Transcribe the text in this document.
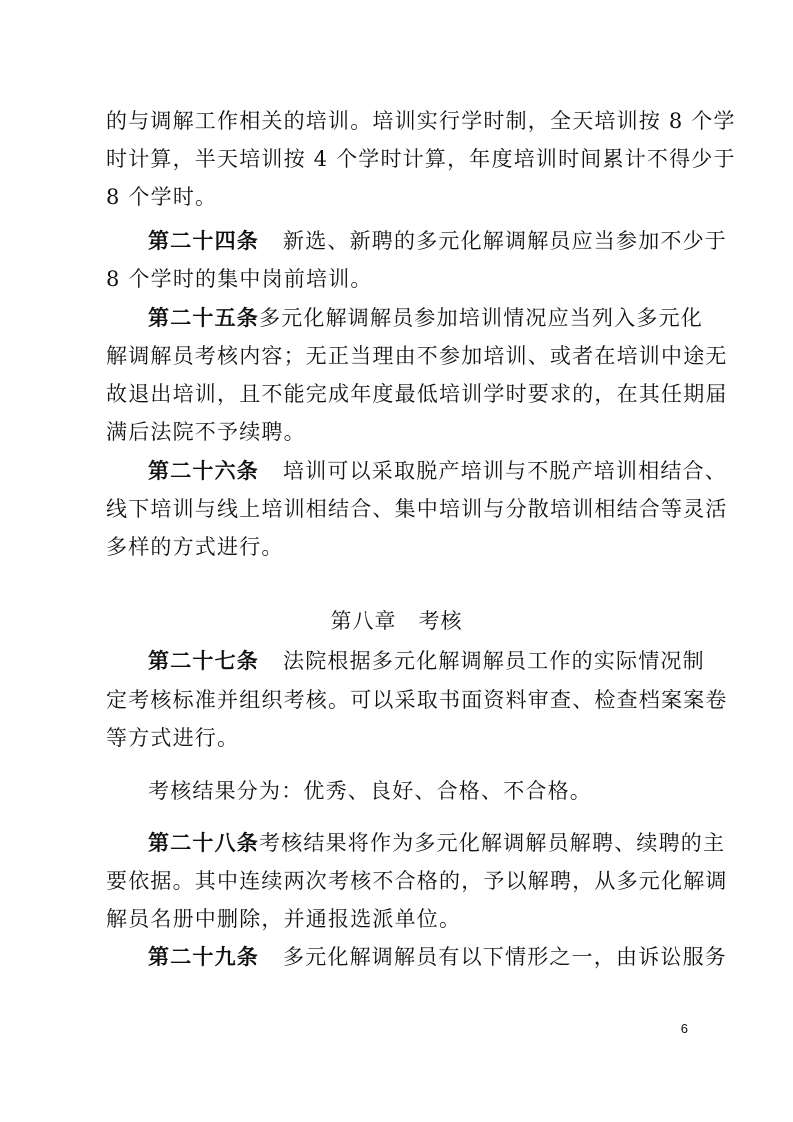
的与调解工作相关的培训。培训实行学时制，全天培训按 8 个学
时计算，半天培训按 4 个学时计算，年度培训时间累计不得少于
8 个学时。
第二十四条 新选、新聘的多元化解调解员应当参加不少于
8 个学时的集中岗前培训。
第二十五条多元化解调解员参加培训情况应当列入多元化
解调解员考核内容；无正当理由不参加培训、或者在培训中途无
故退出培训，且不能完成年度最低培训学时要求的，在其任期届
满后法院不予续聘。
第二十六条 培训可以采取脱产培训与不脱产培训相结合、
线下培训与线上培训相结合、集中培训与分散培训相结合等灵活
多样的方式进行。
第八章　考核
第二十七条 法院根据多元化解调解员工作的实际情况制
定考核标准并组织考核。可以采取书面资料审查、检查档案案卷
等方式进行。
考核结果分为：优秀、良好、合格、不合格。
第二十八条考核结果将作为多元化解调解员解聘、续聘的主
要依据。其中连续两次考核不合格的，予以解聘，从多元化解调
解员名册中删除，并通报选派单位。
第二十九条 多元化解调解员有以下情形之一，由诉讼服务
6
